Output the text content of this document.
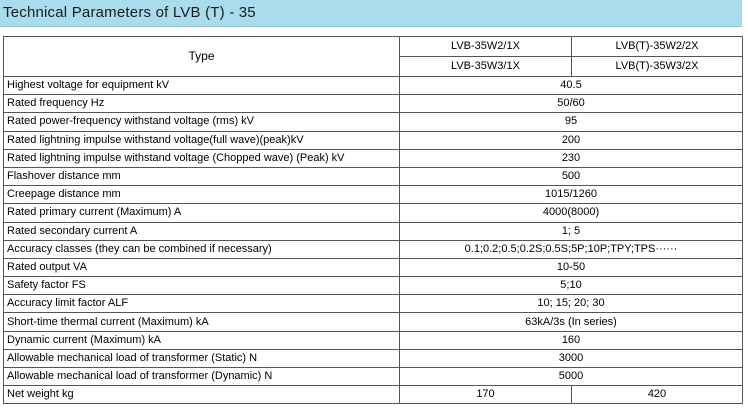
Technical Parameters of LVB (T) - 35
Type	LVB-35W2/1X	LVB(T)-35W2/2X
	LVB-35W3/1X	LVB(T)-35W3/2X
Highest voltage for equipment kV	40.5	
Rated frequency Hz	50/60	
Rated power-frequency withstand voltage (rms) kV	95	
Rated lightning impulse withstand voltage(full wave)(peak)kV	200	
Rated lightning impulse withstand voltage (Chopped wave) (Peak) kV	230	
Flashover distance mm	500	
Creepage distance mm	1015/1260	
Rated primary current (Maximum) A	4000(8000)	
Rated secondary current A	1; 5	
Accuracy classes (they can be combined if necessary)	0.1;0.2;0.5;0.2S;0.5S;5P;10P;TPY;TPS······	
Rated output VA	10-50	
Safety factor FS	5;10	
Accuracy limit factor ALF	10; 15; 20; 30	
Short-time thermal current (Maximum) kA	63kA/3s (In series)	
Dynamic current (Maximum) kA	160	
Allowable mechanical load of transformer (Static) N	3000	
Allowable mechanical load of transformer (Dynamic) N	5000	
Net weight kg	170	420
